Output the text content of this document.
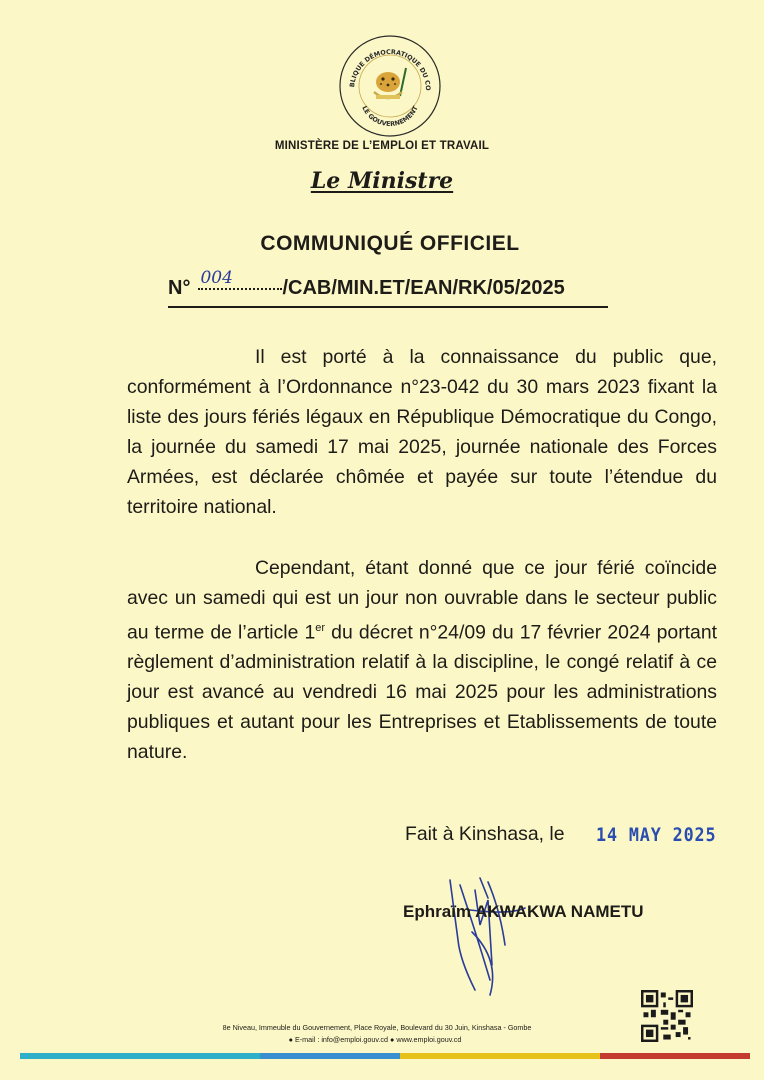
BLIQUE DÉMOCRATIQUE DU CO
LE GOUVERNEMENT
MINISTÈRE DE L’EMPLOI ET TRAVAIL
Le Ministre
COMMUNIQUÉ OFFICIEL
N° 004 /CAB/MIN.ET/EAN/RK/05/2025

Il est porté à la connaissance du public que, conformément à l’Ordonnance n°23-042 du 30 mars 2023 fixant la liste des jours fériés légaux en République Démocratique du Congo, la journée du samedi 17 mai 2025, journée nationale des Forces Armées, est déclarée chômée et payée sur toute l’étendue du territoire national.

Cependant, étant donné que ce jour férié coïncide avec un samedi qui est un jour non ouvrable dans le secteur public au terme de l’article 1er du décret n°24/09 du 17 février 2024 portant règlement d’administration relatif à la discipline, le congé relatif à ce jour est avancé au vendredi 16 mai 2025 pour les administrations publiques et autant pour les Entreprises et Etablissements de toute nature.

Fait à Kinshasa, le 14 MAY 2025
Ephraïm AKWAKWA NAMETU
8e Niveau, Immeuble du Gouvernement, Place Royale, Boulevard du 30 Juin, Kinshasa - Gombe
● E-mail : info@emploi.gouv.cd ● www.emploi.gouv.cd
